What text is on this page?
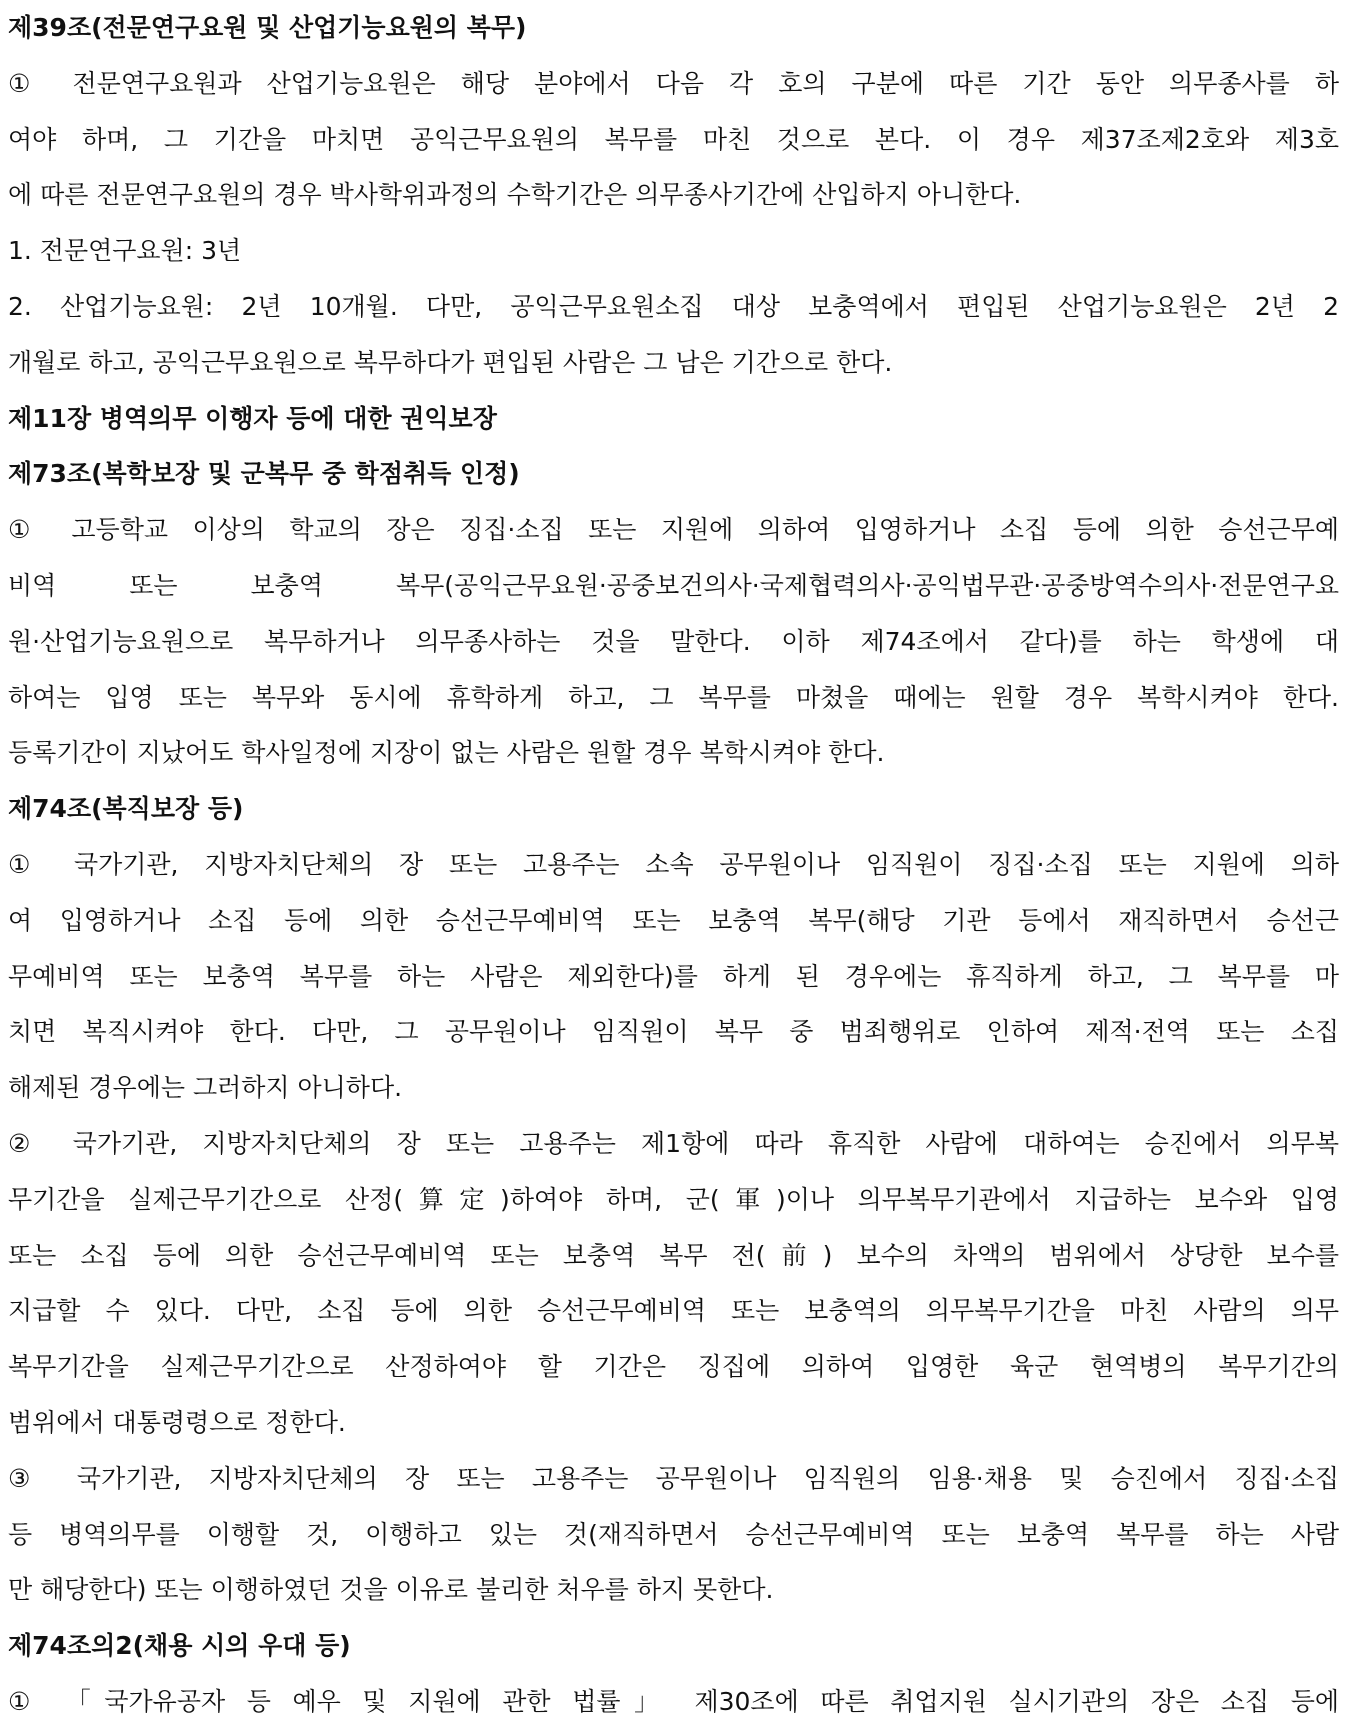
제39조(전문연구요원 및 산업기능요원의 복무)
① 전문연구요원과 산업기능요원은 해당 분야에서 다음 각 호의 구분에 따른 기간 동안 의무종사를 하
여야 하며, 그 기간을 마치면 공익근무요원의 복무를 마친 것으로 본다. 이 경우 제37조제2호와 제3호
에 따른 전문연구요원의 경우 박사학위과정의 수학기간은 의무종사기간에 산입하지 아니한다.
1. 전문연구요원: 3년
2. 산업기능요원: 2년 10개월. 다만, 공익근무요원소집 대상 보충역에서 편입된 산업기능요원은 2년 2
개월로 하고, 공익근무요원으로 복무하다가 편입된 사람은 그 남은 기간으로 한다.
제11장 병역의무 이행자 등에 대한 권익보장
제73조(복학보장 및 군복무 중 학점취득 인정)
① 고등학교 이상의 학교의 장은 징집·소집 또는 지원에 의하여 입영하거나 소집 등에 의한 승선근무예
비역 또는 보충역 복무(공익근무요원·공중보건의사·국제협력의사·공익법무관·공중방역수의사·전문연구요
원·산업기능요원으로 복무하거나 의무종사하는 것을 말한다. 이하 제74조에서 같다)를 하는 학생에 대
하여는 입영 또는 복무와 동시에 휴학하게 하고, 그 복무를 마쳤을 때에는 원할 경우 복학시켜야 한다.
등록기간이 지났어도 학사일정에 지장이 없는 사람은 원할 경우 복학시켜야 한다.
제74조(복직보장 등)
① 국가기관, 지방자치단체의 장 또는 고용주는 소속 공무원이나 임직원이 징집·소집 또는 지원에 의하
여 입영하거나 소집 등에 의한 승선근무예비역 또는 보충역 복무(해당 기관 등에서 재직하면서 승선근
무예비역 또는 보충역 복무를 하는 사람은 제외한다)를 하게 된 경우에는 휴직하게 하고, 그 복무를 마
치면 복직시켜야 한다. 다만, 그 공무원이나 임직원이 복무 중 범죄행위로 인하여 제적·전역 또는 소집
해제된 경우에는 그러하지 아니하다.
② 국가기관, 지방자치단체의 장 또는 고용주는 제1항에 따라 휴직한 사람에 대하여는 승진에서 의무복
무기간을 실제근무기간으로 산정(算定)하여야 하며, 군(軍)이나 의무복무기관에서 지급하는 보수와 입영
또는 소집 등에 의한 승선근무예비역 또는 보충역 복무 전(前) 보수의 차액의 범위에서 상당한 보수를
지급할 수 있다. 다만, 소집 등에 의한 승선근무예비역 또는 보충역의 의무복무기간을 마친 사람의 의무
복무기간을 실제근무기간으로 산정하여야 할 기간은 징집에 의하여 입영한 육군 현역병의 복무기간의
범위에서 대통령령으로 정한다.
③ 국가기관, 지방자치단체의 장 또는 고용주는 공무원이나 임직원의 임용·채용 및 승진에서 징집·소집
등 병역의무를 이행할 것, 이행하고 있는 것(재직하면서 승선근무예비역 또는 보충역 복무를 하는 사람
만 해당한다) 또는 이행하였던 것을 이유로 불리한 처우를 하지 못한다.
제74조의2(채용 시의 우대 등)
① 「국가유공자 등 예우 및 지원에 관한 법률」 제30조에 따른 취업지원 실시기관의 장은 소집 등에
